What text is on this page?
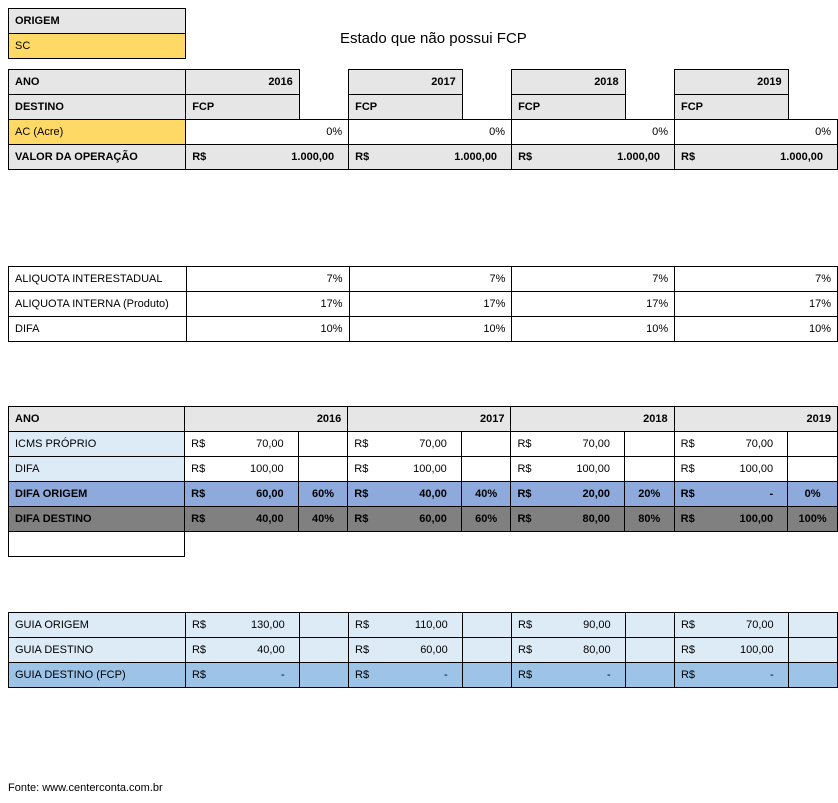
Estado que não possui FCP
ORIGEM								
SC								

ANO	2016		2017		2018		2019	
DESTINO	FCP		FCP		FCP		FCP	
AC (Acre)	0%		0%		0%		0%	
VALOR DA OPERAÇÃO	R$ 1.000,00		R$ 1.000,00		R$ 1.000,00		R$ 1.000,00	
ALIQUOTA INTERESTADUAL	7%	7%	7%	7%
ALIQUOTA INTERNA (Produto)	17%	17%	17%	17%
DIFA	10%	10%	10%	10%
ANO	2016		2017		2018		2019	
ICMS PRÓPRIO	R$ 70,00		R$ 70,00		R$ 70,00		R$ 70,00	

DIFA	R$ 100,00		R$ 100,00		R$ 100,00		R$ 100,00	

DIFA ORIGEM	R$ 60,00	60%	R$ 40,00	40%	R$ 20,00	20%	R$ -	0%
DIFA DESTINO	R$ 40,00	40%	R$ 60,00	60%	R$ 80,00	80%	R$ 100,00	100%

GUIA ORIGEM	R$ 130,00		R$ 110,00		R$ 90,00		R$ 70,00	

GUIA DESTINO	R$ 40,00		R$ 60,00		R$ 80,00		R$ 100,00	

GUIA DESTINO (FCP)	R$ -		R$ -		R$ -		R$ -	

Fonte: www.centerconta.com.br
